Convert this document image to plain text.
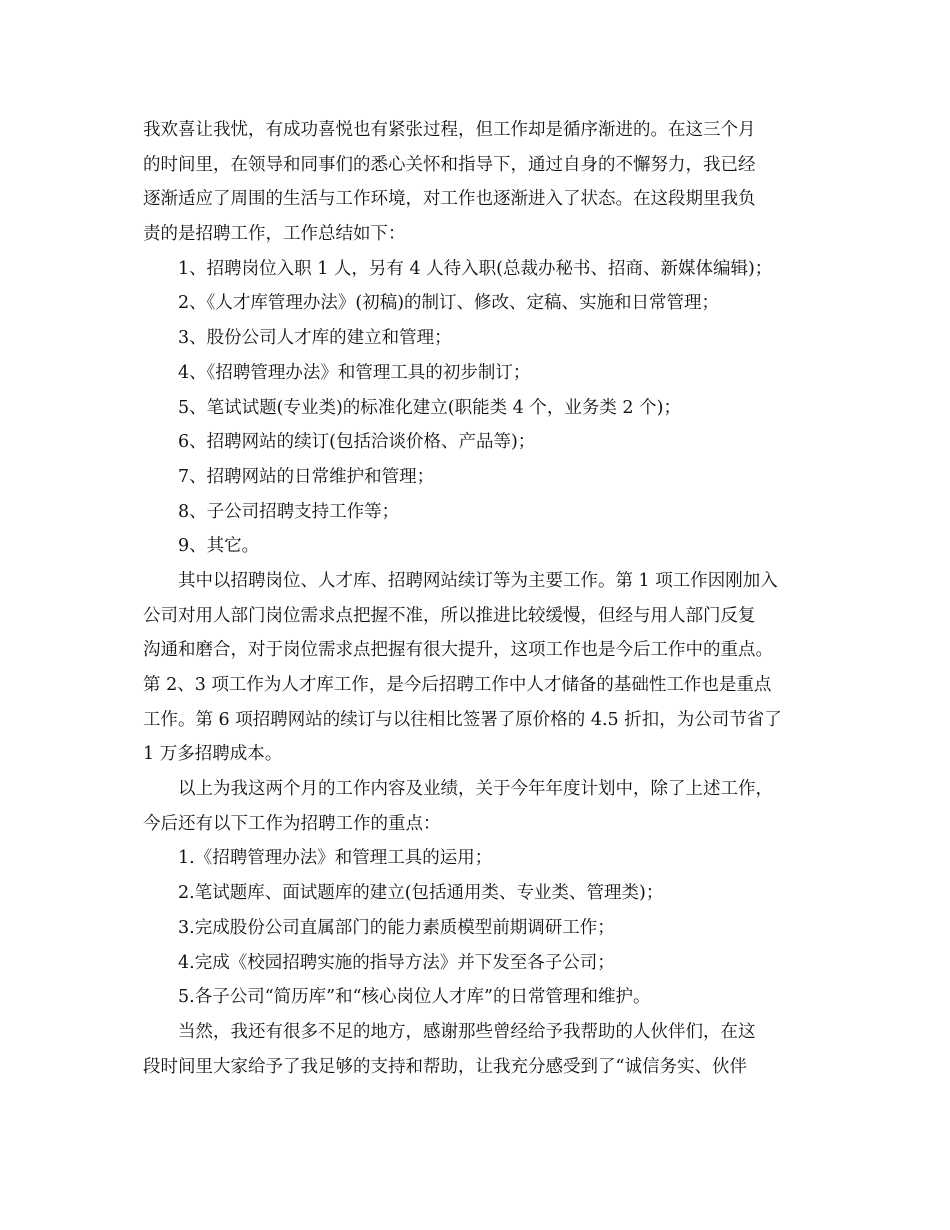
我欢喜让我忧，有成功喜悦也有紧张过程，但工作却是循序渐进的。在这三个月
的时间里，在领导和同事们的悉心关怀和指导下，通过自身的不懈努力，我已经
逐渐适应了周围的生活与工作环境，对工作也逐渐进入了状态。在这段期里我负
责的是招聘工作，工作总结如下：
1、招聘岗位入职 1 人，另有 4 人待入职(总裁办秘书、招商、新媒体编辑)；
2、《人才库管理办法》(初稿)的制订、修改、定稿、实施和日常管理；
3、股份公司人才库的建立和管理；
4、《招聘管理办法》和管理工具的初步制订；
5、笔试试题(专业类)的标准化建立(职能类 4 个，业务类 2 个)；
6、招聘网站的续订(包括洽谈价格、产品等)；
7、招聘网站的日常维护和管理；
8、子公司招聘支持工作等；
9、其它。
其中以招聘岗位、人才库、招聘网站续订等为主要工作。第 1 项工作因刚加入
公司对用人部门岗位需求点把握不准，所以推进比较缓慢，但经与用人部门反复
沟通和磨合，对于岗位需求点把握有很大提升，这项工作也是今后工作中的重点。
第 2、3 项工作为人才库工作，是今后招聘工作中人才储备的基础性工作也是重点
工作。第 6 项招聘网站的续订与以往相比签署了原价格的 4.5 折扣，为公司节省了
1 万多招聘成本。
以上为我这两个月的工作内容及业绩，关于今年年度计划中，除了上述工作，
今后还有以下工作为招聘工作的重点：
1.《招聘管理办法》和管理工具的运用；
2.笔试题库、面试题库的建立(包括通用类、专业类、管理类)；
3.完成股份公司直属部门的能力素质模型前期调研工作；
4.完成《校园招聘实施的指导方法》并下发至各子公司；
5.各子公司“简历库”和“核心岗位人才库”的日常管理和维护。
当然，我还有很多不足的地方，感谢那些曾经给予我帮助的人伙伴们，在这
段时间里大家给予了我足够的支持和帮助，让我充分感受到了“诚信务实、伙伴
